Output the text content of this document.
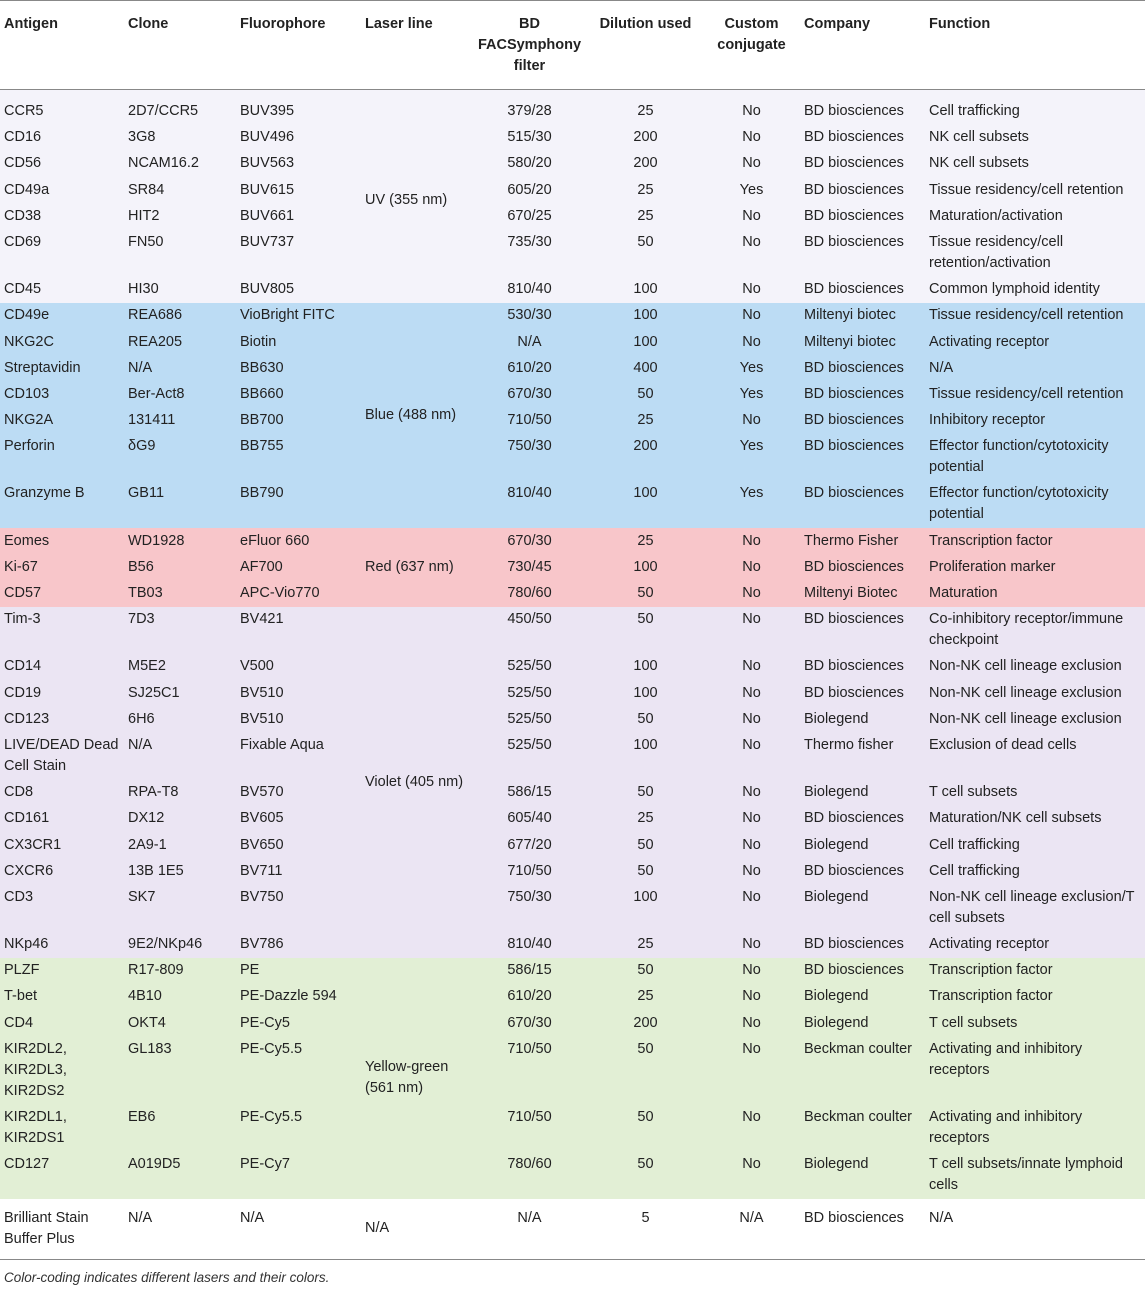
Antigen	Clone	Fluorophore	Laser line	BD FACSymphony filter	Dilution used	Custom conjugate	Company	Function
CCR5	2D7/CCR5	BUV395	UV (355 nm)	379/28	25	No	BD biosciences	Cell trafficking
CD16	3G8	BUV496		515/30	200	No	BD biosciences	NK cell subsets
CD56	NCAM16.2	BUV563		580/20	200	No	BD biosciences	NK cell subsets
CD49a	SR84	BUV615		605/20	25	Yes	BD biosciences	Tissue residency/cell retention
CD38	HIT2	BUV661		670/25	25	No	BD biosciences	Maturation/activation
CD69	FN50	BUV737		735/30	50	No	BD biosciences	Tissue residency/cell retention/activation
CD45	HI30	BUV805		810/40	100	No	BD biosciences	Common lymphoid identity
CD49e	REA686	VioBright FITC	Blue (488 nm)	530/30	100	No	Miltenyi biotec	Tissue residency/cell retention
NKG2C	REA205	Biotin		N/A	100	No	Miltenyi biotec	Activating receptor
Streptavidin	N/A	BB630		610/20	400	Yes	BD biosciences	N/A
CD103	Ber-Act8	BB660		670/30	50	Yes	BD biosciences	Tissue residency/cell retention
NKG2A	131411	BB700		710/50	25	No	BD biosciences	Inhibitory receptor
Perforin	δG9	BB755		750/30	200	Yes	BD biosciences	Effector function/cytotoxicity potential
Granzyme B	GB11	BB790		810/40	100	Yes	BD biosciences	Effector function/cytotoxicity potential
Eomes	WD1928	eFluor 660	Red (637 nm)	670/30	25	No	Thermo Fisher	Transcription factor
Ki-67	B56	AF700		730/45	100	No	BD biosciences	Proliferation marker
CD57	TB03	APC-Vio770		780/60	50	No	Miltenyi Biotec	Maturation
Tim-3	7D3	BV421	Violet (405 nm)	450/50	50	No	BD biosciences	Co-inhibitory receptor/immune checkpoint
CD14	M5E2	V500		525/50	100	No	BD biosciences	Non-NK cell lineage exclusion
CD19	SJ25C1	BV510		525/50	100	No	BD biosciences	Non-NK cell lineage exclusion
CD123	6H6	BV510		525/50	50	No	Biolegend	Non-NK cell lineage exclusion
LIVE/DEAD Dead Cell Stain	N/A	Fixable Aqua		525/50	100	No	Thermo fisher	Exclusion of dead cells
CD8	RPA-T8	BV570		586/15	50	No	Biolegend	T cell subsets
CD161	DX12	BV605		605/40	25	No	BD biosciences	Maturation/NK cell subsets
CX3CR1	2A9-1	BV650		677/20	50	No	Biolegend	Cell trafficking
CXCR6	13B 1E5	BV711		710/50	50	No	BD biosciences	Cell trafficking
CD3	SK7	BV750		750/30	100	No	Biolegend	Non-NK cell lineage exclusion/T cell subsets
NKp46	9E2/NKp46	BV786		810/40	25	No	BD biosciences	Activating receptor
PLZF	R17-809	PE	Yellow-green (561 nm)	586/15	50	No	BD biosciences	Transcription factor
T-bet	4B10	PE-Dazzle 594		610/20	25	No	Biolegend	Transcription factor
CD4	OKT4	PE-Cy5		670/30	200	No	Biolegend	T cell subsets
KIR2DL2, KIR2DL3, KIR2DS2	GL183	PE-Cy5.5		710/50	50	No	Beckman coulter	Activating and inhibitory receptors
KIR2DL1, KIR2DS1	EB6	PE-Cy5.5		710/50	50	No	Beckman coulter	Activating and inhibitory receptors
CD127	A019D5	PE-Cy7		780/60	50	No	Biolegend	T cell subsets/innate lymphoid cells
Brilliant Stain Buffer Plus	N/A	N/A	N/A	N/A	5	N/A	BD biosciences	N/A
Color-coding indicates different lasers and their colors.
